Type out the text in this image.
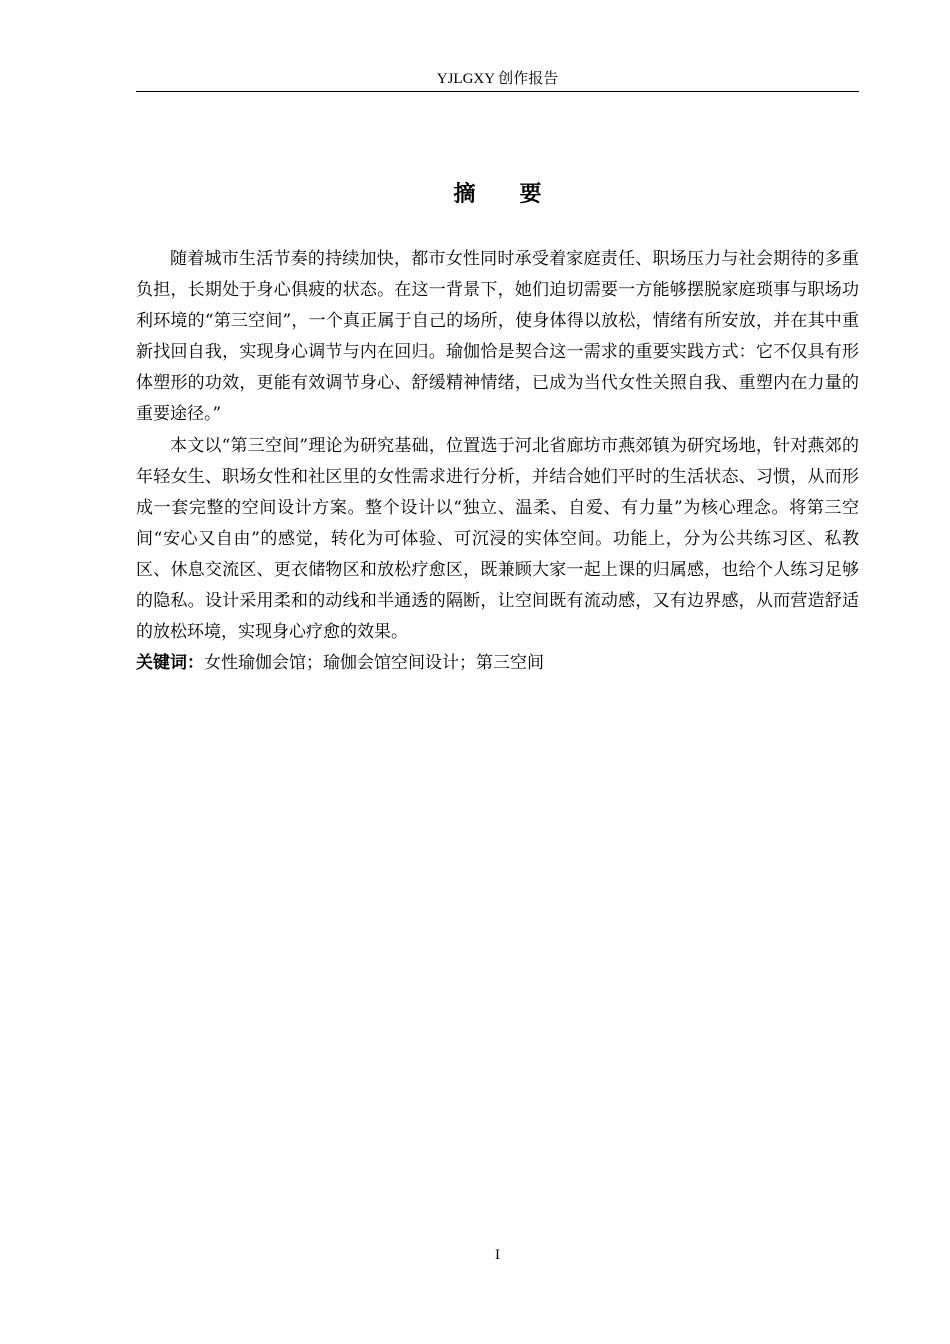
YJLGXY 创作报告
摘要

随着城市生活节奏的持续加快，都市女性同时承受着家庭责任、职场压力与社会期待的多重负担，长期处于身心俱疲的状态。在这一背景下，她们迫切需要一方能够摆脱家庭琐事与职场功利环境的“第三空间”，一个真正属于自己的场所，使身体得以放松，情绪有所安放，并在其中重新找回自我，实现身心调节与内在回归。瑜伽恰是契合这一需求的重要实践方式：它不仅具有形体塑形的功效，更能有效调节身心、舒缓精神情绪，已成为当代女性关照自我、重塑内在力量的重要途径。”

本文以“第三空间”理论为研究基础，位置选于河北省廊坊市燕郊镇为研究场地，针对燕郊的年轻女生、职场女性和社区里的女性需求进行分析，并结合她们平时的生活状态、习惯，从而形成一套完整的空间设计方案。整个设计以“独立、温柔、自爱、有力量”为核心理念。将第三空间“安心又自由”的感觉，转化为可体验、可沉浸的实体空间。功能上，分为公共练习区、私教区、休息交流区、更衣储物区和放松疗愈区，既兼顾大家一起上课的归属感，也给个人练习足够的隐私。设计采用柔和的动线和半通透的隔断，让空间既有流动感，又有边界感，从而营造舒适的放松环境，实现身心疗愈的效果。

关键词：女性瑜伽会馆；瑜伽会馆空间设计；第三空间

I
